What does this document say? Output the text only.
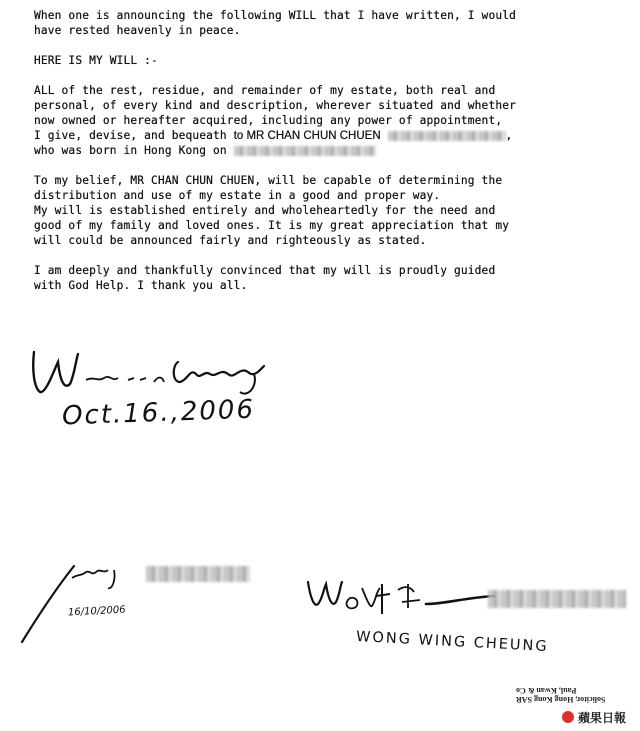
When one is announcing the following WILL that I have written, I would
have rested heavenly in peace.
HERE IS MY WILL :-
ALL of the rest, residue, and remainder of my estate, both real and
personal, of every kind and description, wherever situated and whether
now owned or hereafter acquired, including any power of appointment,
I give, devise, and bequeath to MR CHAN CHUN CHUEN	,
who was born in Hong Kong on
To my belief, MR CHAN CHUN CHUEN, will be capable of determining the
distribution and use of my estate in a good and proper way.
My will is established entirely and wholeheartedly for the need and
good of my family and loved ones. It is my great appreciation that my
will could be announced fairly and righteously as stated.
I am deeply and thankfully convinced that my will is proudly guided
with God Help. I thank you all.
Oct.16.,2006
16/10/2006
WONG WING CHEUNG
Solicitor, Hong Kong SAR
Paul, Kwan & Co
蘋果日報
